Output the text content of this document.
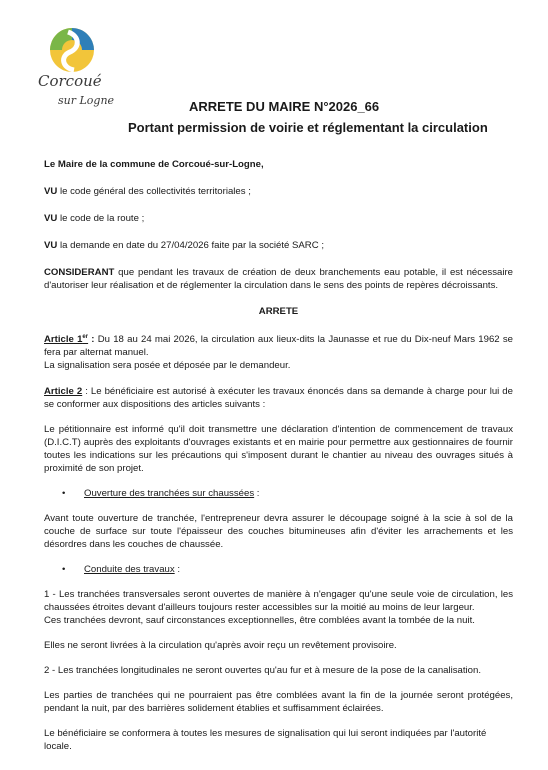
Corcoué
sur Logne	ARRETE DU MAIRE N°2026_66
Portant permission de voirie et réglementant la circulation

Le Maire de la commune de Corcoué-sur-Logne,

VU le code général des collectivités territoriales ;

VU le code de la route ;

VU la demande en date du 27/04/2026 faite par la société SARC ;

CONSIDERANT que pendant les travaux de création de deux branchements eau potable, il est nécessaire d'autoriser leur réalisation et de réglementer la circulation dans le sens des points de repères décroissants.

ARRETE

Article 1er : Du 18 au 24 mai 2026, la circulation aux lieux-dits la Jaunasse et rue du Dix-neuf Mars 1962 se fera par alternat manuel.

La signalisation sera posée et déposée par le demandeur.

Article 2 : Le bénéficiaire est autorisé à exécuter les travaux énoncés dans sa demande à charge pour lui de se conformer aux dispositions des articles suivants :

Le pétitionnaire est informé qu'il doit transmettre une déclaration d'intention de commencement de travaux (D.I.C.T) auprès des exploitants d'ouvrages existants et en mairie pour permettre aux gestionnaires de fournir toutes les indications sur les précautions qui s'imposent durant le chantier au niveau des ouvrages situés à proximité de son projet.

• Ouverture des tranchées sur chaussées :

Avant toute ouverture de tranchée, l'entrepreneur devra assurer le découpage soigné à la scie à sol de la couche de surface sur toute l'épaisseur des couches bitumineuses afin d'éviter les arrachements et les désordres dans les couches de chaussée.

• Conduite des travaux :

1 - Les tranchées transversales seront ouvertes de manière à n'engager qu'une seule voie de circulation, les chaussées étroites devant d'ailleurs toujours rester accessibles sur la moitié au moins de leur largeur.

Ces tranchées devront, sauf circonstances exceptionnelles, être comblées avant la tombée de la nuit.

Elles ne seront livrées à la circulation qu'après avoir reçu un revêtement provisoire.

2 - Les tranchées longitudinales ne seront ouvertes qu'au fur et à mesure de la pose de la canalisation.

Les parties de tranchées qui ne pourraient pas être comblées avant la fin de la journée seront protégées, pendant la nuit, par des barrières solidement établies et suffisamment éclairées.

Le bénéficiaire se conformera à toutes les mesures de signalisation qui lui seront indiquées par l'autorité locale.
